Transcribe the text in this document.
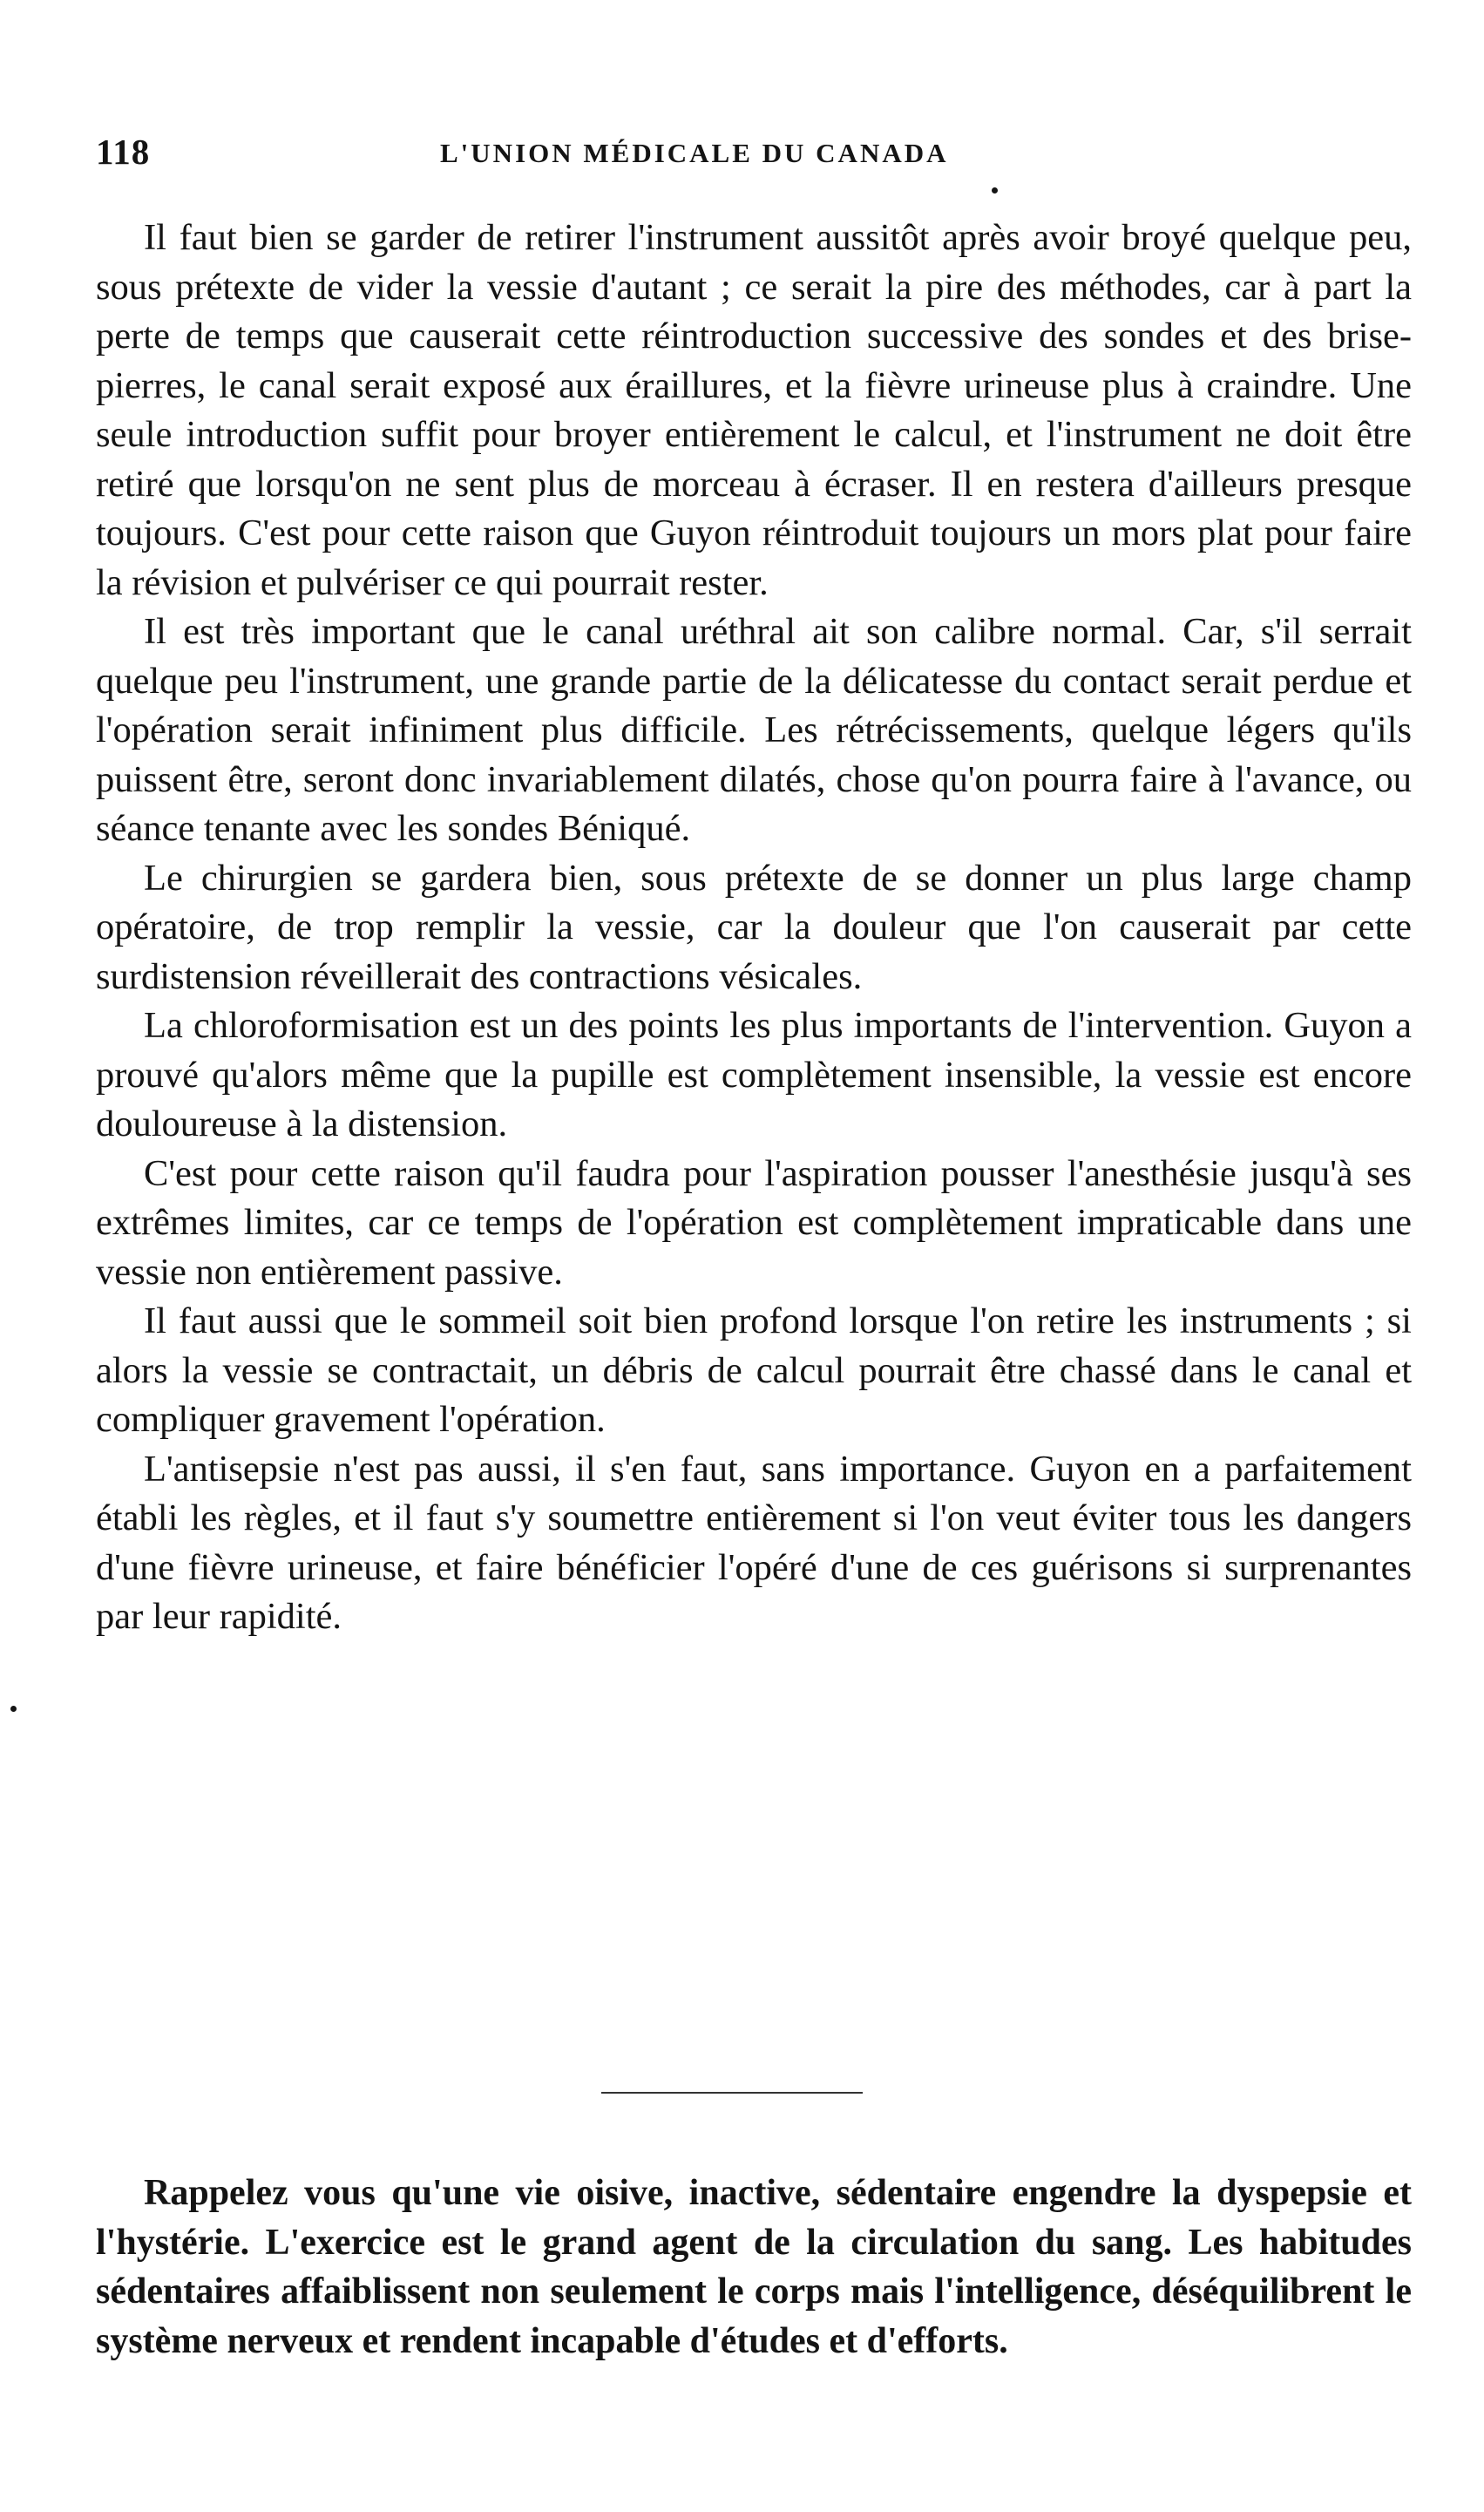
118	L'UNION MÉDICALE DU CANADA

Il faut bien se garder de retirer l'instrument aussitôt après avoir broyé quelque peu, sous prétexte de vider la vessie d'autant ; ce serait la pire des méthodes, car à part la perte de temps que causerait cette réintroduction successive des sondes et des brise-pierres, le canal serait exposé aux éraillures, et la fièvre urineuse plus à craindre. Une seule introduction suffit pour broyer entièrement le calcul, et l'instrument ne doit être retiré que lorsqu'on ne sent plus de morceau à écraser. Il en restera d'ailleurs presque toujours. C'est pour cette raison que Guyon réintroduit toujours un mors plat pour faire la révision et pulvériser ce qui pourrait rester.

Il est très important que le canal uréthral ait son calibre normal. Car, s'il serrait quelque peu l'instrument, une grande partie de la délicatesse du contact serait perdue et l'opération serait infiniment plus difficile. Les rétrécissements, quelque légers qu'ils puissent être, seront donc invariablement dilatés, chose qu'on pourra faire à l'avance, ou séance tenante avec les sondes Béniqué.

Le chirurgien se gardera bien, sous prétexte de se donner un plus large champ opératoire, de trop remplir la vessie, car la douleur que l'on causerait par cette surdistension réveillerait des contractions vésicales.

La chloroformisation est un des points les plus importants de l'intervention. Guyon a prouvé qu'alors même que la pupille est complètement insensible, la vessie est encore douloureuse à la distension.

C'est pour cette raison qu'il faudra pour l'aspiration pousser l'anesthésie jusqu'à ses extrêmes limites, car ce temps de l'opération est complètement impraticable dans une vessie non entièrement passive.

Il faut aussi que le sommeil soit bien profond lorsque l'on retire les instruments ; si alors la vessie se contractait, un débris de calcul pourrait être chassé dans le canal et compliquer gravement l'opération.

L'antisepsie n'est pas aussi, il s'en faut, sans importance. Guyon en a parfaitement établi les règles, et il faut s'y soumettre entièrement si l'on veut éviter tous les dangers d'une fièvre urineuse, et faire bénéficier l'opéré d'une de ces guérisons si surprenantes par leur rapidité.

Rappelez vous qu'une vie oisive, inactive, sédentaire engendre la dyspepsie et l'hystérie. L'exercice est le grand agent de la circulation du sang. Les habitudes sédentaires affaiblissent non seulement le corps mais l'intelligence, déséquilibrent le système nerveux et rendent incapable d'études et d'efforts.
